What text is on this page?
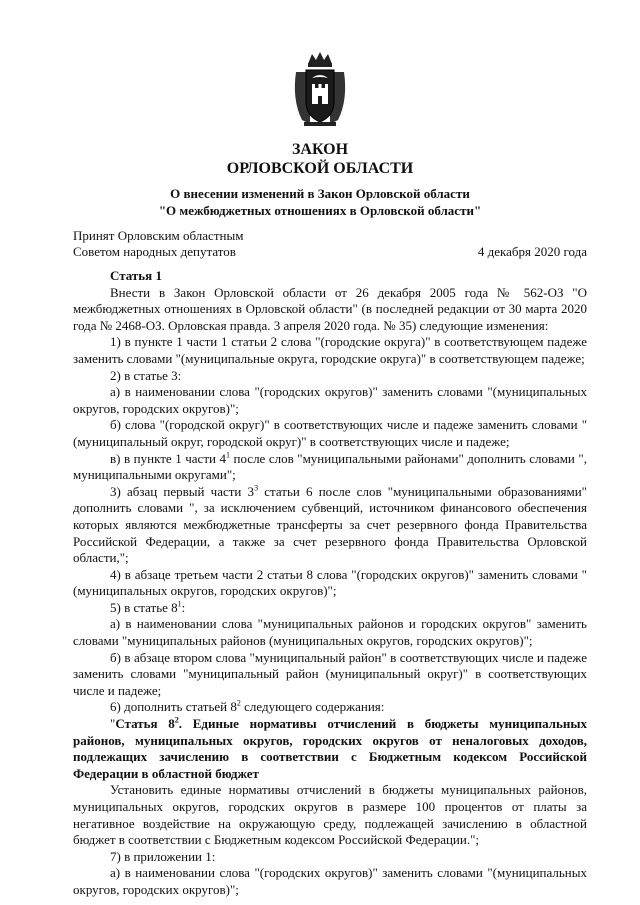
ЗАКОН
ОРЛОВСКОЙ ОБЛАСТИ
О внесении изменений в Закон Орловской области
"О межбюджетных отношениях в Орловской области"
Принят Орловским областным
Советом народных депутатов	4 декабря 2020 года

Статья 1

Внести в Закон Орловской области от 26 декабря 2005 года № 562-ОЗ "О межбюджетных отношениях в Орловской области" (в последней редакции от 30 марта 2020 года № 2468-ОЗ. Орловская правда. 3 апреля 2020 года. № 35) следующие изменения:

1) в пункте 1 части 1 статьи 2 слова "(городские округа)" в соответствующем падеже заменить словами "(муниципальные округа, городские округа)" в соответствующем падеже;

2) в статье 3:

а) в наименовании слова "(городских округов)" заменить словами "(муниципальных округов, городских округов)";

б) слова "(городской округ)" в соответствующих числе и падеже заменить словами "(муниципальный округ, городской округ)" в соответствующих числе и падеже;

в) в пункте 1 части $4^1$ после слов "муниципальными районами" дополнить словами ", муниципальными округами";

3) абзац первый части $3^3$ статьи 6 после слов "муниципальными образованиями" дополнить словами ", за исключением субвенций, источником финансового обеспечения которых являются межбюджетные трансферты за счет резервного фонда Правительства Российской Федерации, а также за счет резервного фонда Правительства Орловской области,";

4) в абзаце третьем части 2 статьи 8 слова "(городских округов)" заменить словами "(муниципальных округов, городских округов)";

5) в статье $8^1$:

а) в наименовании слова "муниципальных районов и городских округов" заменить словами "муниципальных районов (муниципальных округов, городских округов)";

б) в абзаце втором слова "муниципальный район" в соответствующих числе и падеже заменить словами "муниципальный район (муниципальный округ)" в соответствующих числе и падеже;

6) дополнить статьей $8^2$ следующего содержания:

"Статья $8^2$. Единые нормативы отчислений в бюджеты муниципальных районов, муниципальных округов, городских округов от неналоговых доходов, подлежащих зачислению в соответствии с Бюджетным кодексом Российской Федерации в областной бюджет

Установить единые нормативы отчислений в бюджеты муниципальных районов, муниципальных округов, городских округов в размере 100 процентов от платы за негативное воздействие на окружающую среду, подлежащей зачислению в областной бюджет в соответствии с Бюджетным кодексом Российской Федерации.";

7) в приложении 1:

а) в наименовании слова "(городских округов)" заменить словами "(муниципальных округов, городских округов)";
